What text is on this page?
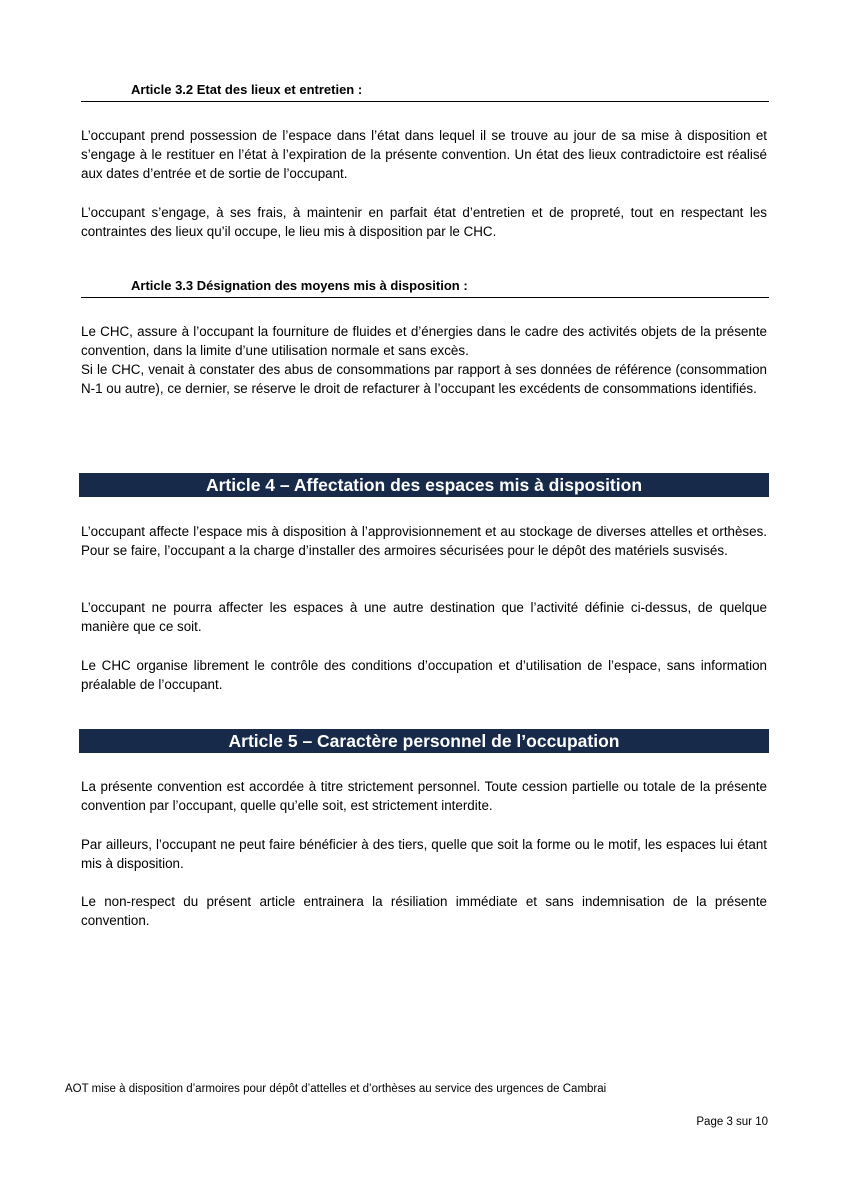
Article 3.2 Etat des lieux et entretien :

L’occupant prend possession de l’espace dans l’état dans lequel il se trouve au jour de sa mise à disposition et s’engage à le restituer en l’état à l’expiration de la présente convention. Un état des lieux contradictoire est réalisé aux dates d’entrée et de sortie de l’occupant.

L’occupant s’engage, à ses frais, à maintenir en parfait état d’entretien et de propreté, tout en respectant les contraintes des lieux qu’il occupe, le lieu mis à disposition par le CHC.

Article 3.3 Désignation des moyens mis à disposition :
Le CHC, assure à l’occupant la fourniture de fluides et d’énergies dans le cadre des activités objets de la présente convention, dans la limite d’une utilisation normale et sans excès.
Si le CHC, venait à constater des abus de consommations par rapport à ses données de référence (consommation N-1 ou autre), ce dernier, se réserve le droit de refacturer à l’occupant les excédents de consommations identifiés.
Article 4 – Affectation des espaces mis à disposition

L’occupant affecte l’espace mis à disposition à l’approvisionnement et au stockage de diverses attelles et orthèses. Pour se faire, l’occupant a la charge d’installer des armoires sécurisées pour le dépôt des matériels susvisés.

L’occupant ne pourra affecter les espaces à une autre destination que l’activité définie ci-dessus, de quelque manière que ce soit.

Le CHC organise librement le contrôle des conditions d’occupation et d’utilisation de l’espace, sans information préalable de l’occupant.

Article 5 – Caractère personnel de l’occupation

La présente convention est accordée à titre strictement personnel. Toute cession partielle ou totale de la présente convention par l’occupant, quelle qu’elle soit, est strictement interdite.

Par ailleurs, l’occupant ne peut faire bénéficier à des tiers, quelle que soit la forme ou le motif, les espaces lui étant mis à disposition.

Le non-respect du présent article entrainera la résiliation immédiate et sans indemnisation de la présente convention.

AOT mise à disposition d’armoires pour dépôt d’attelles et d’orthèses au service des urgences de Cambrai
Page 3 sur 10
